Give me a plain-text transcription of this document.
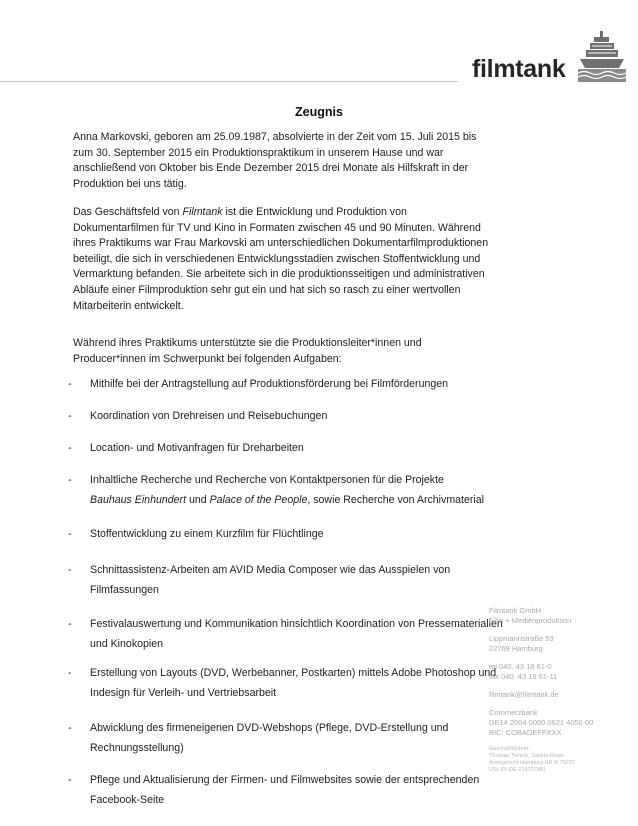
filmtank
Zeugnis

Anna Markovski, geboren am 25.09.1987, absolvierte in der Zeit vom 15. Juli 2015 bis zum 30. September 2015 ein Produktionspraktikum in unserem Hause und war anschließend von Oktober bis Ende Dezember 2015 drei Monate als Hilfskraft in der Produktion bei uns tätig.

Das Geschäftsfeld von Filmtank ist die Entwicklung und Produktion von Dokumentarfilmen für TV und Kino in Formaten zwischen 45 und 90 Minuten. Während ihres Praktikums war Frau Markovski am unterschiedlichen Dokumentarfilmproduktionen beteiligt, die sich in verschiedenen Entwicklungsstadien zwischen Stoffentwicklung und Vermarktung befanden. Sie arbeitete sich in die produktionsseitigen und administrativen Abläufe einer Filmproduktion sehr gut ein und hat sich so rasch zu einer wertvollen Mitarbeiterin entwickelt.

Während ihres Praktikums unterstützte sie die Produktionsleiter*innen und Producer*innen im Schwerpunkt bei folgenden Aufgaben:

- Mithilfe bei der Antragstellung auf Produktionsförderung bei Filmförderungen
- Koordination von Drehreisen und Reisebuchungen
- Location- und Motivanfragen für Dreharbeiten
- Inhaltliche Recherche und Recherche von Kontaktpersonen für die Projekte
Bauhaus Einhundert und Palace of the People, sowie Recherche von Archivmaterial
- Stoffentwicklung zu einem Kurzfilm für Flüchtlinge
- Schnittassistenz-Arbeiten am AVID Media Composer wie das Ausspielen von Filmfassungen
- Festivalauswertung und Kommunikation hinsichtlich Koordination von Pressematerialien und Kinokopien
- Erstellung von Layouts (DVD, Werbebanner, Postkarten) mittels Adobe Photoshop und Indesign für Verleih- und Vertriebsarbeit
- Abwicklung des firmeneigenen DVD-Webshops (Pflege, DVD-Erstellung und Rechnungsstellung)
- Pflege und Aktualisierung der Firmen- und Filmwebsites sowie der entsprechenden Facebook-Seite
Filmtank GmbH
Film + Medienproduktion
Lippmannstraße 53
22769 Hamburg
tel 040. 43 18 61-0
fax 040. 43 18 61-11
filmtank@filmtank.de
Commerzbank
DE14 2004 0000 0621 4050 00
BIC: COBADEFFXXX
Geschäftsführer:
Thomas Tielsch, Saskia Rowe
Amtsgericht Hamburg HR B 79237
USt-ID: DE 214707881
